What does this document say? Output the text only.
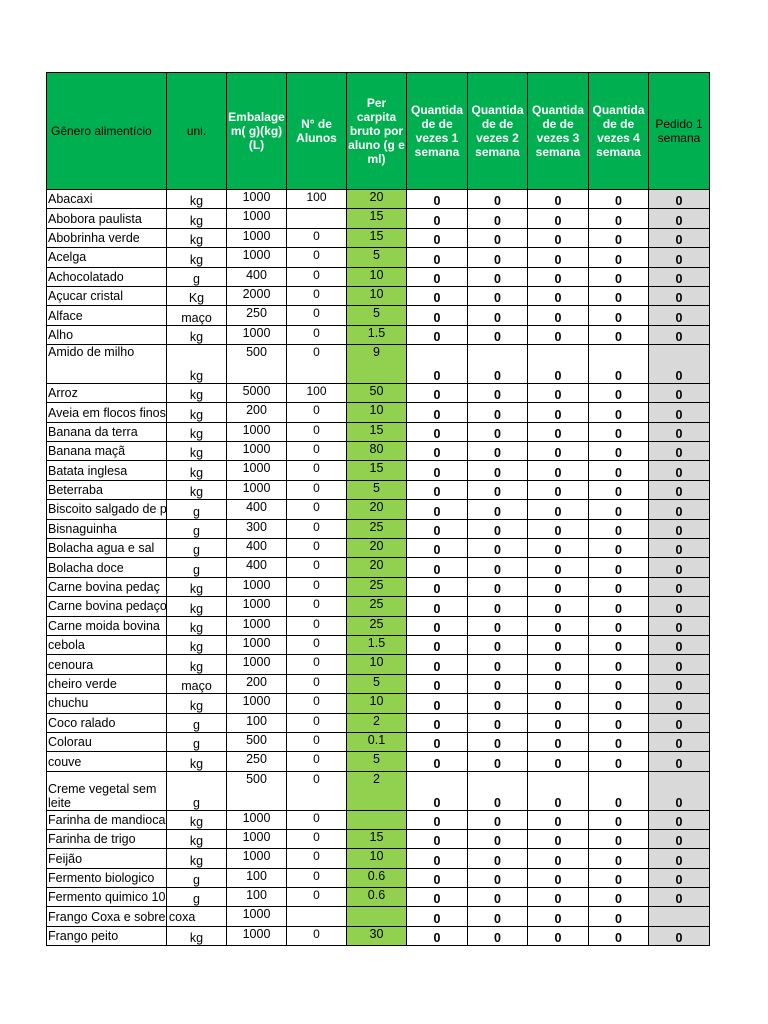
Gênero alimentício	uni.	Embalage m( g)(kg) (L)	N° de Alunos	Per carpita bruto por aluno (g e ml)	Quantida de de vezes 1 semana	Quantida de de vezes 2 semana	Quantida de de vezes 3 semana	Quantida de de vezes 4 semana	Pedido 1 semana
Abacaxi	kg	1000	100	20	0	0	0	0	0
Abobora paulista	kg	1000		15	0	0	0	0	0
Abobrinha verde	kg	1000	0	15	0	0	0	0	0
Acelga	kg	1000	0	5	0	0	0	0	0
Achocolatado	g	400	0	10	0	0	0	0	0
Açucar cristal	Kg	2000	0	10	0	0	0	0	0
Alface	maço	250	0	5	0	0	0	0	0
Alho	kg	1000	0	1.5	0	0	0	0	0
Amido de milho	kg	500	0	9	0	0	0	0	0
Arroz	kg	5000	100	50	0	0	0	0	0
Aveia em flocos finos	kg	200	0	10	0	0	0	0	0
Banana da terra	kg	1000	0	15	0	0	0	0	0
Banana maçã	kg	1000	0	80	0	0	0	0	0
Batata inglesa	kg	1000	0	15	0	0	0	0	0
Beterraba	kg	1000	0	5	0	0	0	0	0
Biscoito salgado de p	g	400	0	20	0	0	0	0	0
Bisnaguinha	g	300	0	25	0	0	0	0	0
Bolacha agua e sal	g	400	0	20	0	0	0	0	0
Bolacha doce	g	400	0	20	0	0	0	0	0
Carne bovina pedaç	kg	1000	0	25	0	0	0	0	0
Carne bovina pedaço	kg	1000	0	25	0	0	0	0	0
Carne moida bovina	kg	1000	0	25	0	0	0	0	0
cebola	kg	1000	0	1.5	0	0	0	0	0
cenoura	kg	1000	0	10	0	0	0	0	0
cheiro verde	maço	200	0	5	0	0	0	0	0
chuchu	kg	1000	0	10	0	0	0	0	0
Coco ralado	g	100	0	2	0	0	0	0	0
Colorau	g	500	0	0.1	0	0	0	0	0
couve	kg	250	0	5	0	0	0	0	0
Creme vegetal sem leite	g	500	0	2	0	0	0	0	0
Farinha de mandioca	kg	1000	0		0	0	0	0	0
Farinha de trigo	kg	1000	0	15	0	0	0	0	0
Feijão	kg	1000	0	10	0	0	0	0	0
Fermento biologico	g	100	0	0.6	0	0	0	0	0
Fermento quimico 10	g	100	0	0.6	0	0	0	0	0
Frango Coxa e sobre coxa		1000			0	0	0	0	
Frango peito	kg	1000	0	30	0	0	0	0	0
